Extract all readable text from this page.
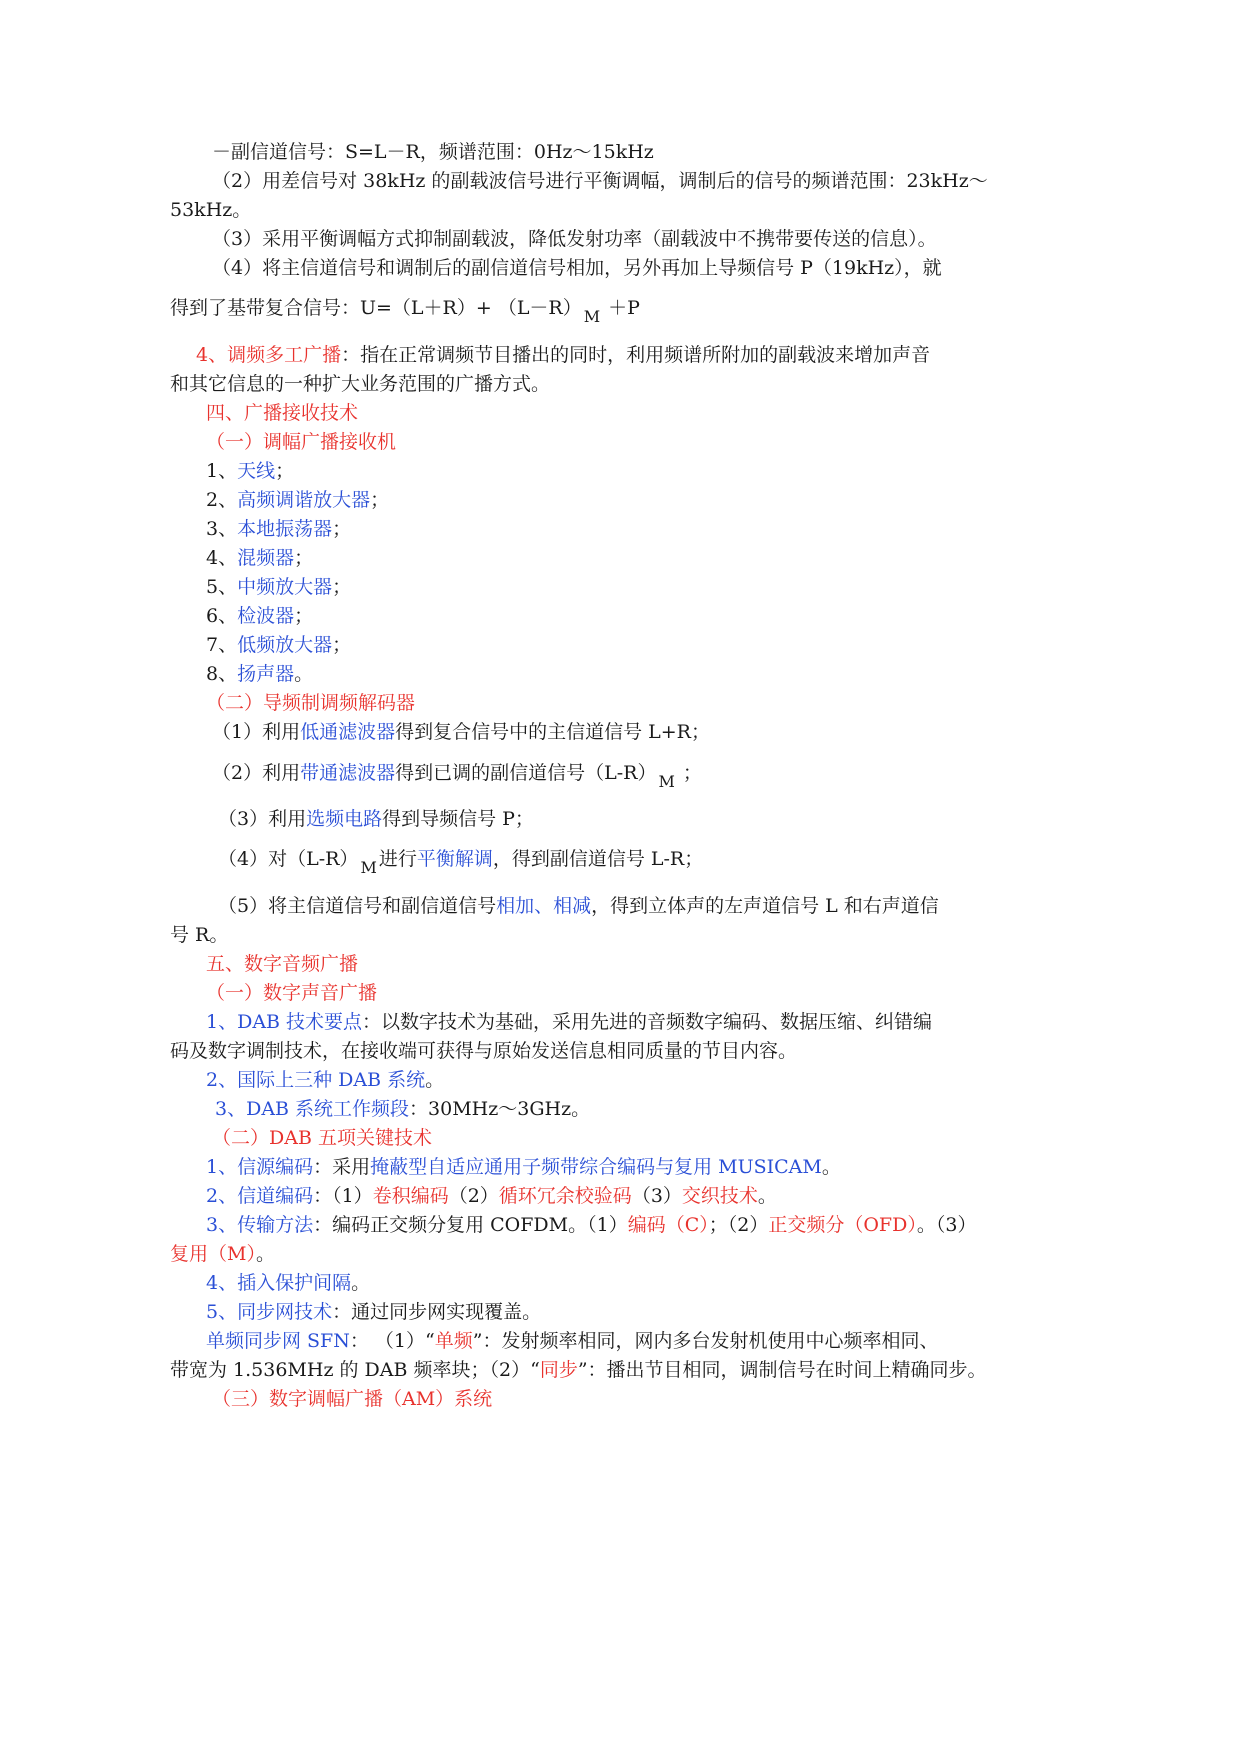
－副信道信号：S=L－R，频谱范围：0Hz～15kHz
（2）用差信号对 38kHz 的副载波信号进行平衡调幅，调制后的信号的频谱范围：23kHz～
53kHz。
（3）采用平衡调幅方式抑制副载波，降低发射功率（副载波中不携带要传送的信息）。
（4）将主信道信号和调制后的副信道信号相加，另外再加上导频信号 P（19kHz），就
得到了基带复合信号：U=（L＋R）+ （L－R） $_M$ ＋P
4、调频多工广播：指在正常调频节目播出的同时，利用频谱所附加的副载波来增加声音
和其它信息的一种扩大业务范围的广播方式。
四、广播接收技术
（一）调幅广播接收机
1、天线；
2、高频调谐放大器；
3、本地振荡器；
4、混频器；
5、中频放大器；
6、检波器；
7、低频放大器；
8、扬声器。
（二）导频制调频解码器
（1）利用低通滤波器得到复合信号中的主信道信号 L+R；
（2）利用带通滤波器得到已调的副信道信号（L-R） $_M$ ；
（3）利用选频电路得到导频信号 P；
（4）对（L-R） $_M$ 进行平衡解调，得到副信道信号 L-R；
（5）将主信道信号和副信道信号相加、相减，得到立体声的左声道信号 L 和右声道信
号 R。
五、数字音频广播
（一）数字声音广播
1、DAB 技术要点：以数字技术为基础，采用先进的音频数字编码、数据压缩、纠错编
码及数字调制技术，在接收端可获得与原始发送信息相同质量的节目内容。
2、国际上三种 DAB 系统。
3、DAB 系统工作频段：30MHz～3GHz。
（二）DAB 五项关键技术
1、信源编码：采用掩蔽型自适应通用子频带综合编码与复用 MUSICAM。
2、信道编码：（1）卷积编码（2）循环冗余校验码（3）交织技术。
3、传输方法：编码正交频分复用 COFDM。（1）编码（C）；（2）正交频分（OFD）。（3）
复用（M）。
4、插入保护间隔。
5、同步网技术：通过同步网实现覆盖。
单频同步网 SFN： （1）“单频”：发射频率相同，网内多台发射机使用中心频率相同、
带宽为 1.536MHz 的 DAB 频率块；（2）“同步”：播出节目相同，调制信号在时间上精确同步。
（三）数字调幅广播（AM）系统
